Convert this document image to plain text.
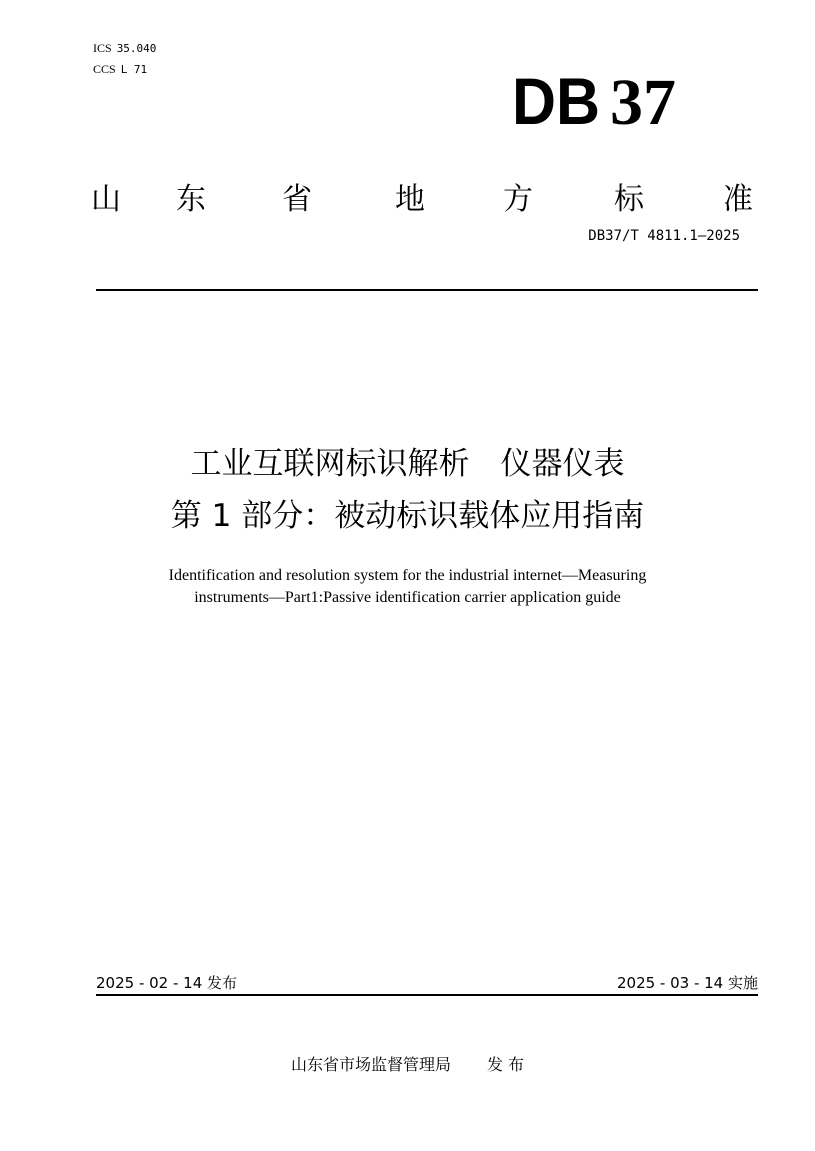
ICS 35.040
CCS L 71	DB 37
山 东	省	地	方	标	准
DB37/T 4811.1—2025
工业互联网标识解析　仪器仪表
第 1 部分：被动标识载体应用指南
Identification and resolution system for the industrial internet—Measuring
instruments—Part1:Passive identification carrier application guide
2025 - 02 - 14 发布	2025 - 03 - 14 实施
山东省市场监督管理局 发 布
